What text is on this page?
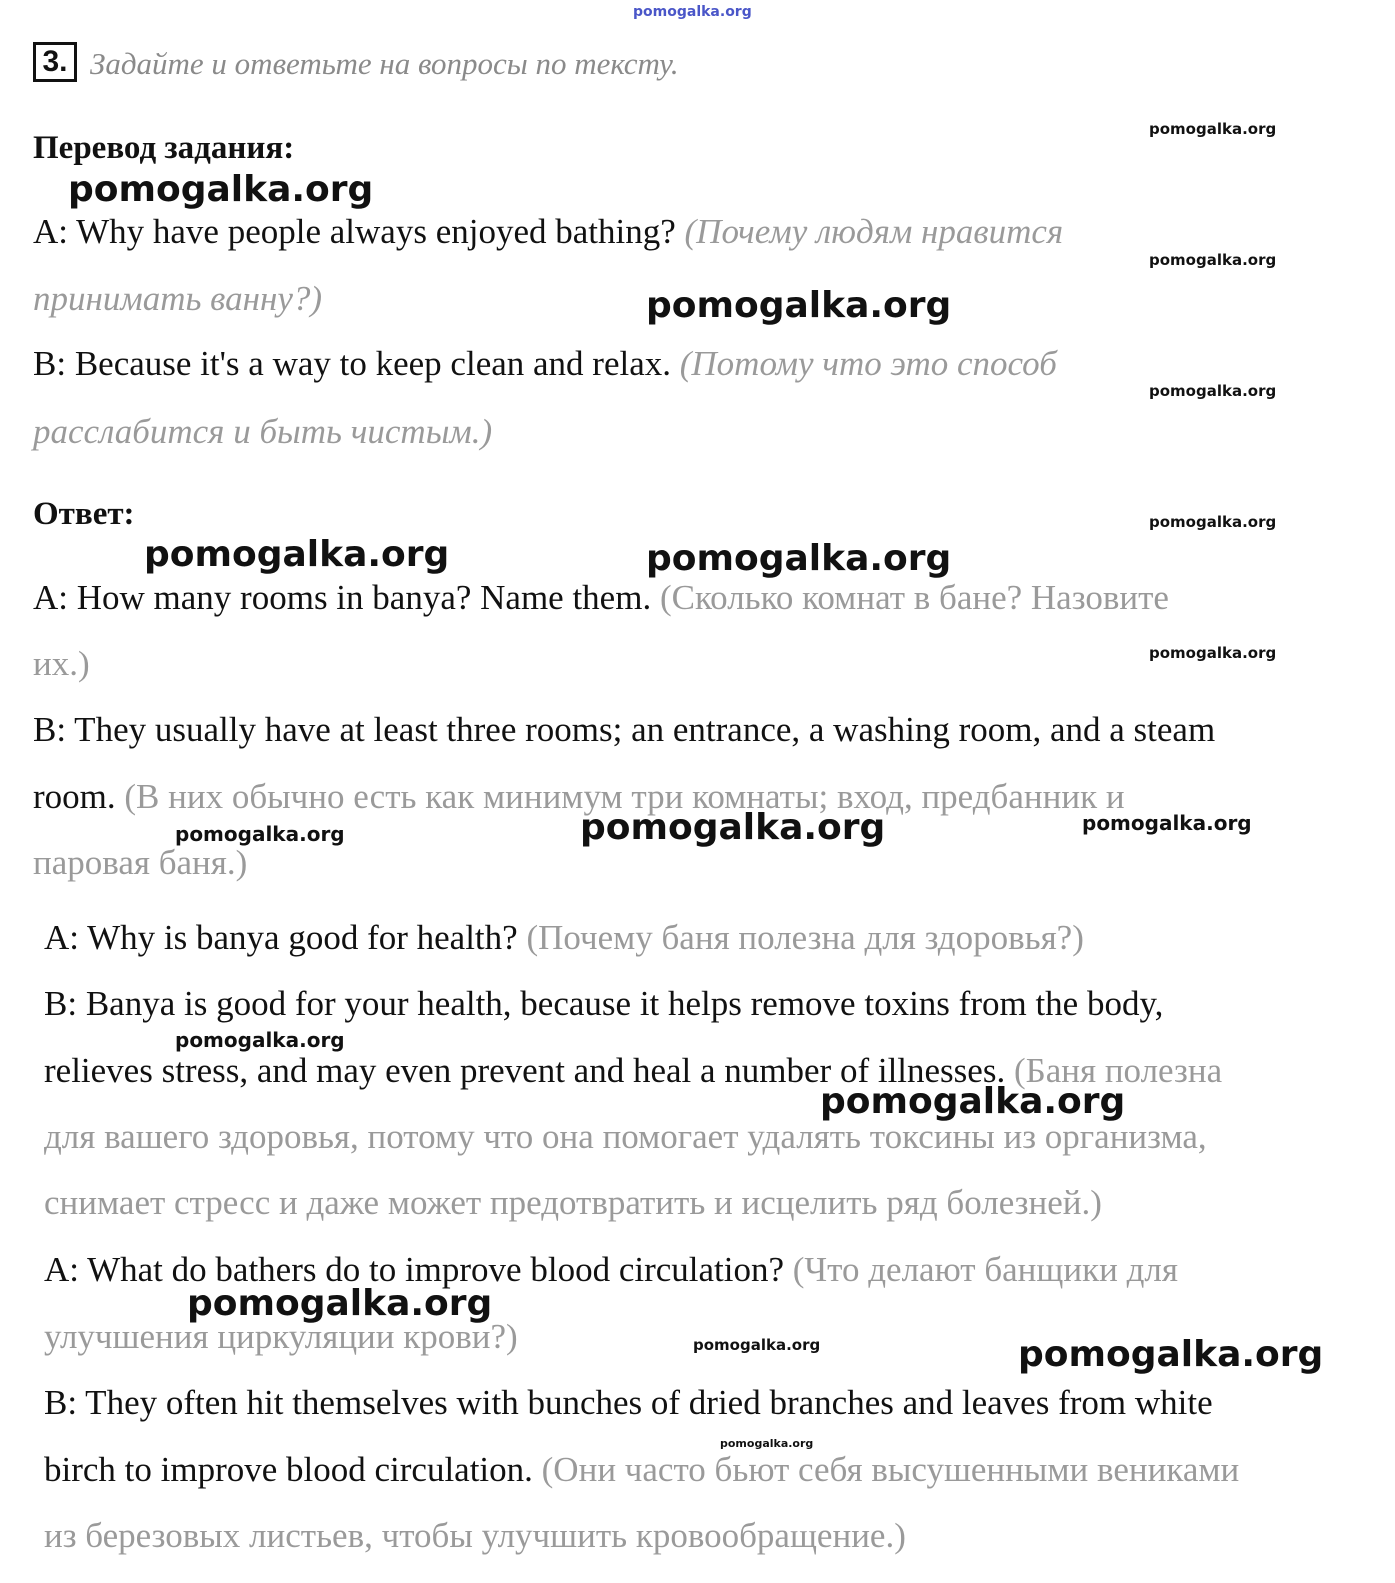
pomogalka.org
3. Задайте и ответьте на вопросы по тексту.
Перевод задания:
A: Why have people always enjoyed bathing? (Почему людям нравится
принимать ванну?)
B: Because it's a way to keep clean and relax. (Потому что это способ
расслабится и быть чистым.)
Ответ:
A: How many rooms in banya? Name them. (Сколько комнат в бане? Назовите
их.)
B: They usually have at least three rooms; an entrance, a washing room, and a steam
room. (В них обычно есть как минимум три комнаты; вход, предбанник и
паровая баня.)
A: Why is banya good for health? (Почему баня полезна для здоровья?)
B: Banya is good for your health, because it helps remove toxins from the body,
relieves stress, and may even prevent and heal a number of illnesses. (Баня полезна
для вашего здоровья, потому что она помогает удалять токсины из организма,
снимает стресс и даже может предотвратить и исцелить ряд болезней.)
A: What do bathers do to improve blood circulation? (Что делают банщики для
улучшения циркуляции крови?)
B: They often hit themselves with bunches of dried branches and leaves from white
birch to improve blood circulation. (Они часто бьют себя высушенными вениками
из березовых листьев, чтобы улучшить кровообращение.)
pomogalka.org
pomogalka.org
pomogalka.org	pomogalka.org
pomogalka.org
pomogalka.org
pomogalka.org
pomogalka.org
pomogalka.org	pomogalka.org
pomogalka.org
pomogalka.org
pomogalka.org
pomogalka.org
pomogalka.org
pomogalka.org
pomogalka.org
pomogalka.org
